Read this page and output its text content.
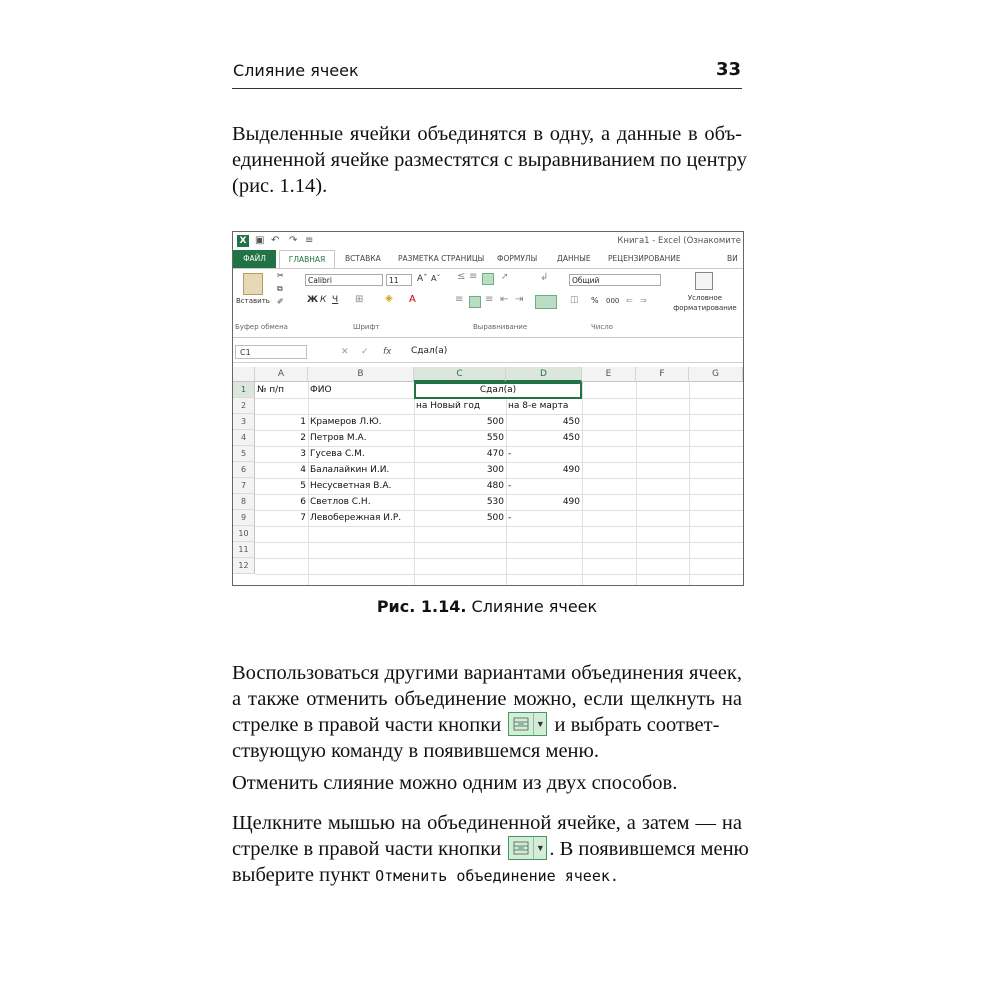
Слияние ячеек	33

Выделенные ячейки объединятся в одну, а данные в объ-
единенной ячейке разместятся с выравниванием по центру
(рис. 1.14).

X ▣ ↶ ↷ ≡	Книга1 - Excel (Ознакомите
ФАЙЛ	ГЛАВНАЯ	ВСТАВКА РАЗМЕТКА СТРАНИЦЫ ФОРМУЛЫ	ДАННЫЕ РЕЦЕНЗИРОВАНИЕ	ВИ
Вставить
✂
⧉
✐
Буфер обмена
Calibri	11	Aˆ Aˇ
Ж К Ч ⊞ ◈ A
Шрифт
≤ ≡	➚	↲
≡ ≡ ⇤ ⇥
Выравнивание
Общий
◫ % 000 ⇐ ⇒
Число
Условное
форматирование
C1	✕ ✓ fx Сдал(а)
A	B	C	D	E	F	G
1
2
3
4
5
6
7
8
9
10
11
12
№ п/п	ФИО	Сдал(а)
на Новый год	на 8-е марта
1 Крамеров Л.Ю.	500	450
2 Петров М.А.	550	450
3 Гусева С.М.	470 -
4 Балалайкин И.И.	300	490
5 Несусветная В.А.	480 -
6 Светлов С.Н.	530	490
7 Левобережная И.Р.	500 -
Рис. 1.14. Слияние ячеек

Воспользоваться другими вариантами объединения ячеек,
а также отменить объединение можно, если щелкнуть на
стрелке в правой части кнопки	▼ и выбрать соответ-
ствующую команду в появившемся меню.

Отменить слияние можно одним из двух способов.

Щелкните мышью на объединенной ячейке, а затем — на
стрелке в правой части кнопки	▼ . В появившемся меню
выберите пункт Отменить объединение ячеек.
